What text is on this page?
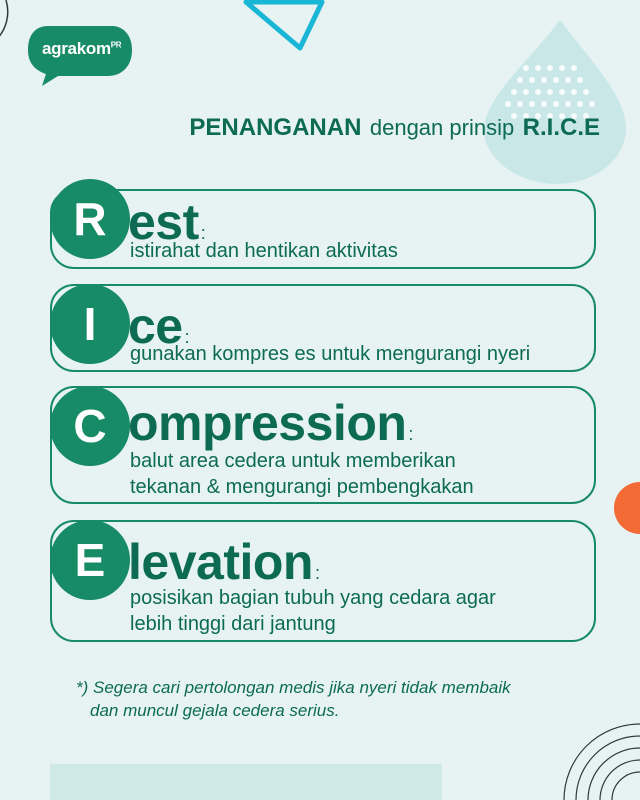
agrakom$^{PR}$
PENANGANAN dengan prinsip R.I.C.E
R est :
istirahat dan hentikan aktivitas
I ce :
gunakan kompres es untuk mengurangi nyeri
C ompression :
balut area cedera untuk memberikan
tekanan & mengurangi pembengkakan
E levation :
posisikan bagian tubuh yang cedara agar
lebih tinggi dari jantung
*) Segera cari pertolongan medis jika nyeri tidak membaik
dan muncul gejala cedera serius.
